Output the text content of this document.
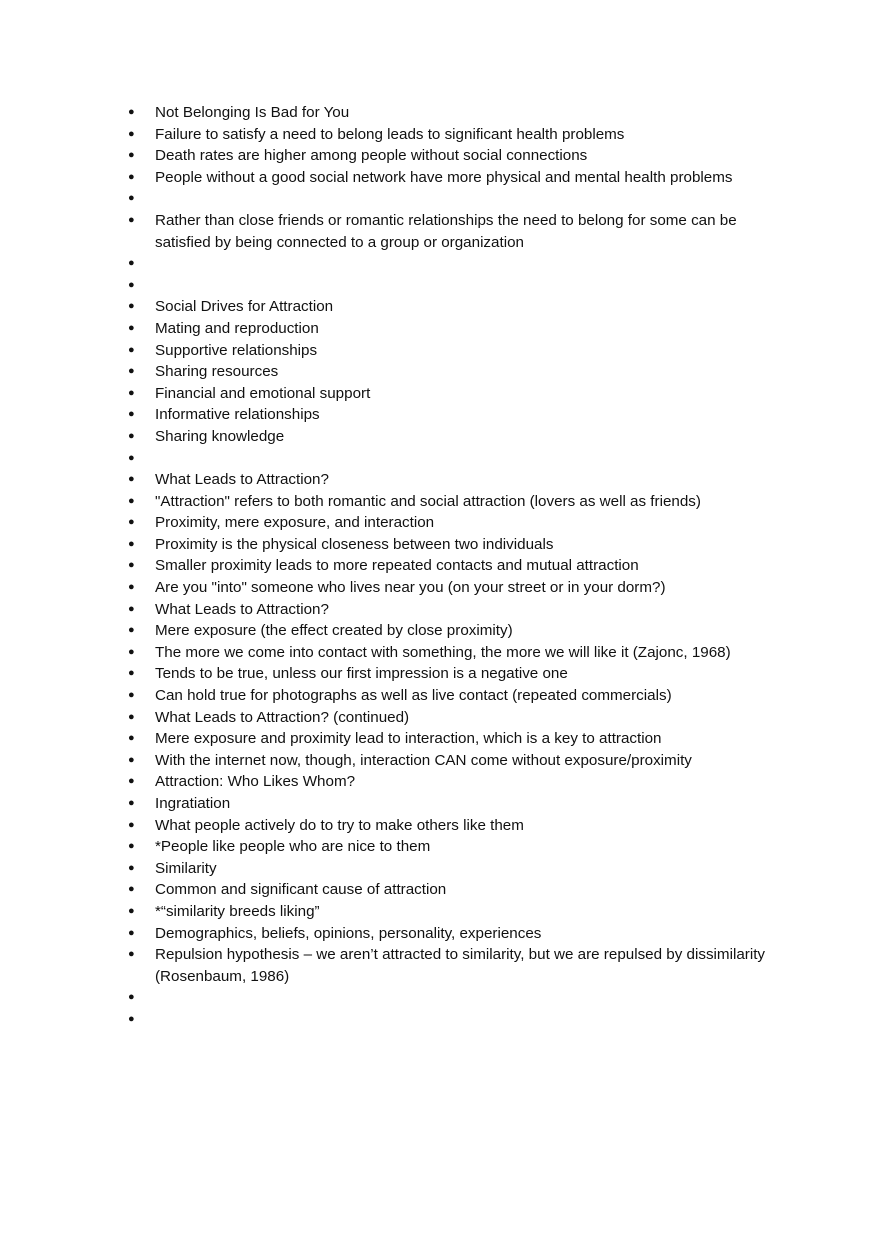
● Not Belonging Is Bad for You
● Failure to satisfy a need to belong leads to significant health problems
● Death rates are higher among people without social connections
● People without a good social network have more physical and mental health problems
●
● Rather than close friends or romantic relationships the need to belong for some can be satisfied by being connected to a group or organization
●
●
● Social Drives for Attraction
● Mating and reproduction
● Supportive relationships
● Sharing resources
● Financial and emotional support
● Informative relationships
● Sharing knowledge
●
● What Leads to Attraction?
● "Attraction" refers to both romantic and social attraction (lovers as well as friends)
● Proximity, mere exposure, and interaction
● Proximity is the physical closeness between two individuals
● Smaller proximity leads to more repeated contacts and mutual attraction
● Are you "into" someone who lives near you (on your street or in your dorm?)
● What Leads to Attraction?
● Mere exposure (the effect created by close proximity)
● The more we come into contact with something, the more we will like it (Zajonc, 1968)
● Tends to be true, unless our first impression is a negative one
● Can hold true for photographs as well as live contact (repeated commercials)
● What Leads to Attraction? (continued)
● Mere exposure and proximity lead to interaction, which is a key to attraction
● With the internet now, though, interaction CAN come without exposure/proximity
● Attraction: Who Likes Whom?
● Ingratiation
● What people actively do to try to make others like them
● *People like people who are nice to them
● Similarity
● Common and significant cause of attraction
● *“similarity breeds liking”
● Demographics, beliefs, opinions, personality, experiences
● Repulsion hypothesis – we aren’t attracted to similarity, but we are repulsed by dissimilarity (Rosenbaum, 1986)
●
●
